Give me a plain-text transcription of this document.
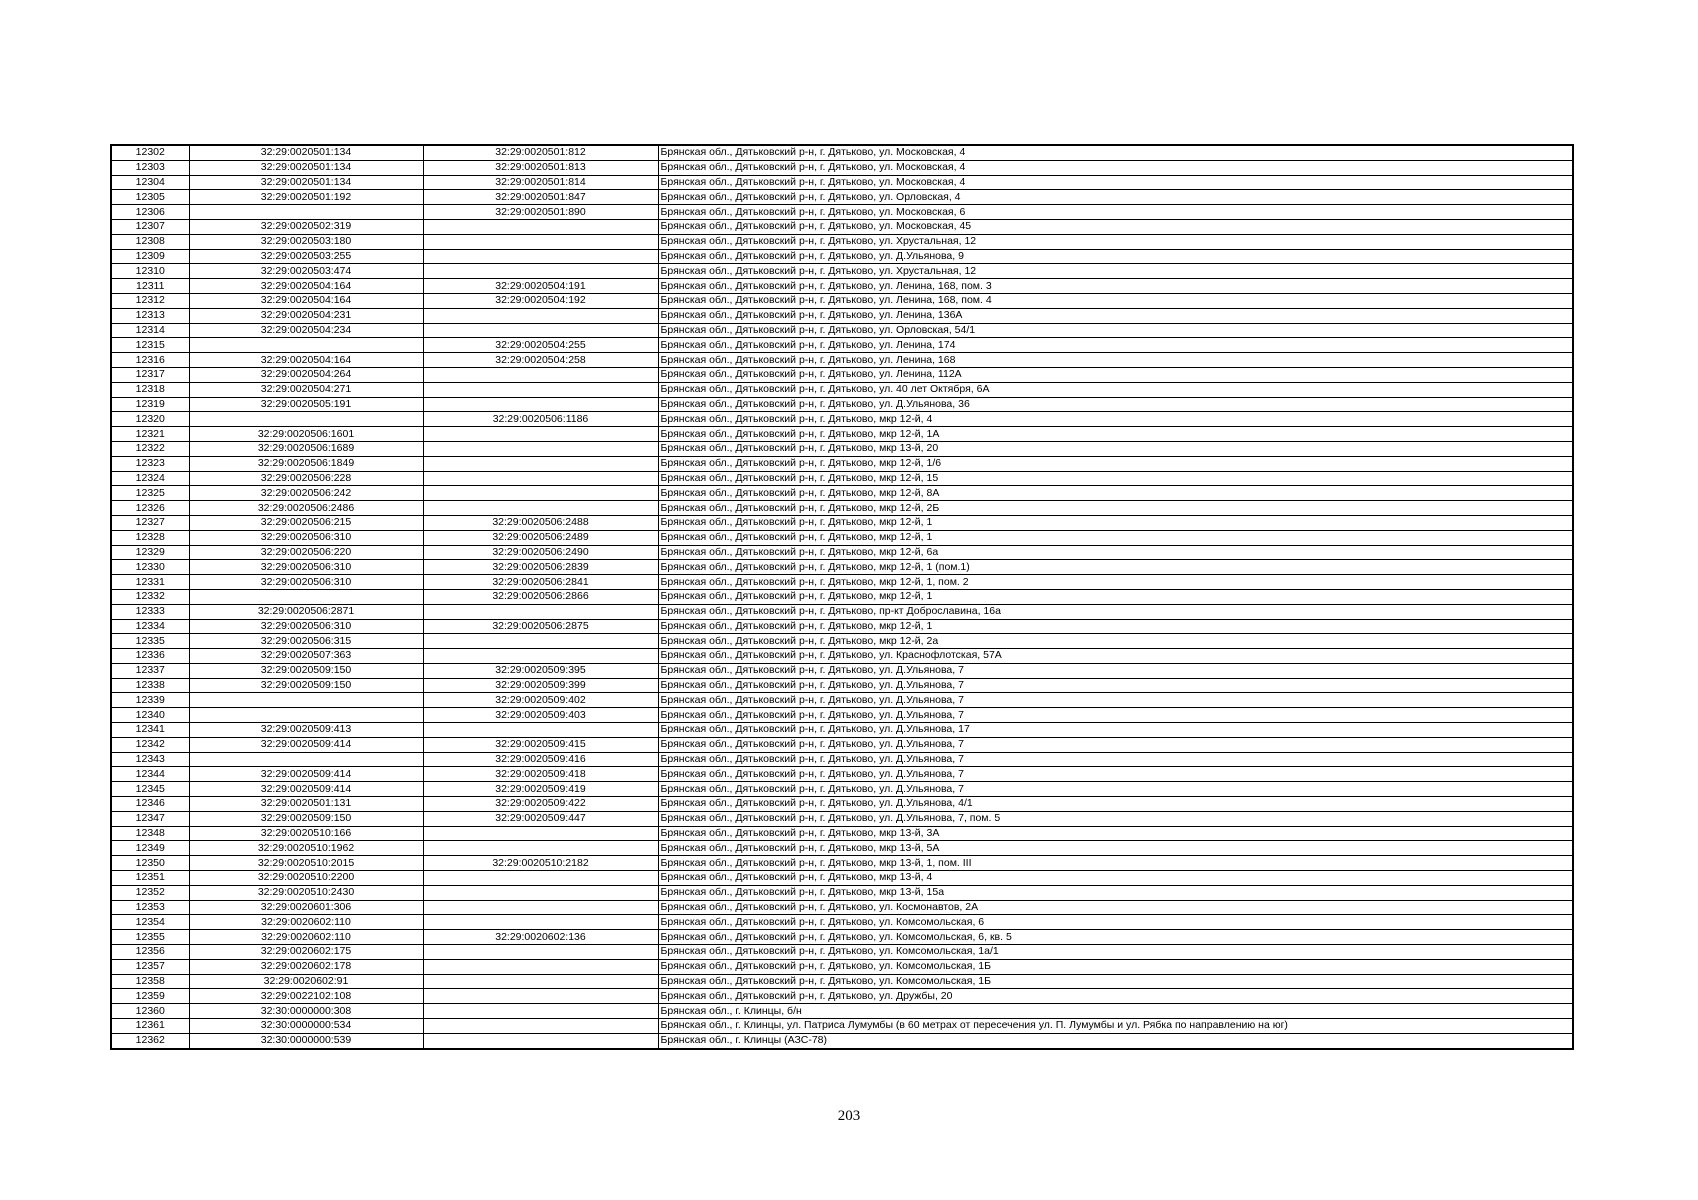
12302	32:29:0020501:134	32:29:0020501:812	Брянская обл., Дятьковский р-н, г. Дятьково, ул. Московская, 4
12303	32:29:0020501:134	32:29:0020501:813	Брянская обл., Дятьковский р-н, г. Дятьково, ул. Московская, 4
12304	32:29:0020501:134	32:29:0020501:814	Брянская обл., Дятьковский р-н, г. Дятьково, ул. Московская, 4
12305	32:29:0020501:192	32:29:0020501:847	Брянская обл., Дятьковский р-н, г. Дятьково, ул. Орловская, 4
12306		32:29:0020501:890	Брянская обл., Дятьковский р-н, г. Дятьково, ул. Московская, 6
12307	32:29:0020502:319		Брянская обл., Дятьковский р-н, г. Дятьково, ул. Московская, 45
12308	32:29:0020503:180		Брянская обл., Дятьковский р-н, г. Дятьково, ул. Хрустальная, 12
12309	32:29:0020503:255		Брянская обл., Дятьковский р-н, г. Дятьково, ул. Д.Ульянова, 9
12310	32:29:0020503:474		Брянская обл., Дятьковский р-н, г. Дятьково, ул. Хрустальная, 12
12311	32:29:0020504:164	32:29:0020504:191	Брянская обл., Дятьковский р-н, г. Дятьково, ул. Ленина, 168, пом. 3
12312	32:29:0020504:164	32:29:0020504:192	Брянская обл., Дятьковский р-н, г. Дятьково, ул. Ленина, 168, пом. 4
12313	32:29:0020504:231		Брянская обл., Дятьковский р-н, г. Дятьково, ул. Ленина, 136А
12314	32:29:0020504:234		Брянская обл., Дятьковский р-н, г. Дятьково, ул. Орловская, 54/1
12315		32:29:0020504:255	Брянская обл., Дятьковский р-н, г. Дятьково, ул. Ленина, 174
12316	32:29:0020504:164	32:29:0020504:258	Брянская обл., Дятьковский р-н, г. Дятьково, ул. Ленина, 168
12317	32:29:0020504:264		Брянская обл., Дятьковский р-н, г. Дятьково, ул. Ленина, 112А
12318	32:29:0020504:271		Брянская обл., Дятьковский р-н, г. Дятьково, ул. 40 лет Октября, 6А
12319	32:29:0020505:191		Брянская обл., Дятьковский р-н, г. Дятьково, ул. Д.Ульянова, 36
12320		32:29:0020506:1186	Брянская обл., Дятьковский р-н, г. Дятьково, мкр 12-й, 4
12321	32:29:0020506:1601		Брянская обл., Дятьковский р-н, г. Дятьково, мкр 12-й, 1А
12322	32:29:0020506:1689		Брянская обл., Дятьковский р-н, г. Дятьково, мкр 13-й, 20
12323	32:29:0020506:1849		Брянская обл., Дятьковский р-н, г. Дятьково, мкр 12-й, 1/6
12324	32:29:0020506:228		Брянская обл., Дятьковский р-н, г. Дятьково, мкр 12-й, 15
12325	32:29:0020506:242		Брянская обл., Дятьковский р-н, г. Дятьково, мкр 12-й, 8А
12326	32:29:0020506:2486		Брянская обл., Дятьковский р-н, г. Дятьково, мкр 12-й, 2Б
12327	32:29:0020506:215	32:29:0020506:2488	Брянская обл., Дятьковский р-н, г. Дятьково, мкр 12-й, 1
12328	32:29:0020506:310	32:29:0020506:2489	Брянская обл., Дятьковский р-н, г. Дятьково, мкр 12-й, 1
12329	32:29:0020506:220	32:29:0020506:2490	Брянская обл., Дятьковский р-н, г. Дятьково, мкр 12-й, 6а
12330	32:29:0020506:310	32:29:0020506:2839	Брянская обл., Дятьковский р-н, г. Дятьково, мкр 12-й, 1 (пом.1)
12331	32:29:0020506:310	32:29:0020506:2841	Брянская обл., Дятьковский р-н, г. Дятьково, мкр 12-й, 1, пом. 2
12332		32:29:0020506:2866	Брянская обл., Дятьковский р-н, г. Дятьково, мкр 12-й, 1
12333	32:29:0020506:2871		Брянская обл., Дятьковский р-н, г. Дятьково, пр-кт Доброславина, 16а
12334	32:29:0020506:310	32:29:0020506:2875	Брянская обл., Дятьковский р-н, г. Дятьково, мкр 12-й, 1
12335	32:29:0020506:315		Брянская обл., Дятьковский р-н, г. Дятьково, мкр 12-й, 2а
12336	32:29:0020507:363		Брянская обл., Дятьковский р-н, г. Дятьково, ул. Краснофлотская, 57А
12337	32:29:0020509:150	32:29:0020509:395	Брянская обл., Дятьковский р-н, г. Дятьково, ул. Д.Ульянова, 7
12338	32:29:0020509:150	32:29:0020509:399	Брянская обл., Дятьковский р-н, г. Дятьково, ул. Д.Ульянова, 7
12339		32:29:0020509:402	Брянская обл., Дятьковский р-н, г. Дятьково, ул. Д.Ульянова, 7
12340		32:29:0020509:403	Брянская обл., Дятьковский р-н, г. Дятьково, ул. Д.Ульянова, 7
12341	32:29:0020509:413		Брянская обл., Дятьковский р-н, г. Дятьково, ул. Д.Ульянова, 17
12342	32:29:0020509:414	32:29:0020509:415	Брянская обл., Дятьковский р-н, г. Дятьково, ул. Д.Ульянова, 7
12343		32:29:0020509:416	Брянская обл., Дятьковский р-н, г. Дятьково, ул. Д.Ульянова, 7
12344	32:29:0020509:414	32:29:0020509:418	Брянская обл., Дятьковский р-н, г. Дятьково, ул. Д.Ульянова, 7
12345	32:29:0020509:414	32:29:0020509:419	Брянская обл., Дятьковский р-н, г. Дятьково, ул. Д.Ульянова, 7
12346	32:29:0020501:131	32:29:0020509:422	Брянская обл., Дятьковский р-н, г. Дятьково, ул. Д.Ульянова, 4/1
12347	32:29:0020509:150	32:29:0020509:447	Брянская обл., Дятьковский р-н, г. Дятьково, ул. Д.Ульянова, 7, пом. 5
12348	32:29:0020510:166		Брянская обл., Дятьковский р-н, г. Дятьково, мкр 13-й, 3А
12349	32:29:0020510:1962		Брянская обл., Дятьковский р-н, г. Дятьково, мкр 13-й, 5А
12350	32:29:0020510:2015	32:29:0020510:2182	Брянская обл., Дятьковский р-н, г. Дятьково, мкр 13-й, 1, пом. III
12351	32:29:0020510:2200		Брянская обл., Дятьковский р-н, г. Дятьково, мкр 13-й, 4
12352	32:29:0020510:2430		Брянская обл., Дятьковский р-н, г. Дятьково, мкр 13-й, 15а
12353	32:29:0020601:306		Брянская обл., Дятьковский р-н, г. Дятьково, ул. Космонавтов, 2А
12354	32:29:0020602:110		Брянская обл., Дятьковский р-н, г. Дятьково, ул. Комсомольская, 6
12355	32:29:0020602:110	32:29:0020602:136	Брянская обл., Дятьковский р-н, г. Дятьково, ул. Комсомольская, 6, кв. 5
12356	32:29:0020602:175		Брянская обл., Дятьковский р-н, г. Дятьково, ул. Комсомольская, 1а/1
12357	32:29:0020602:178		Брянская обл., Дятьковский р-н, г. Дятьково, ул. Комсомольская, 1Б
12358	32:29:0020602:91		Брянская обл., Дятьковский р-н, г. Дятьково, ул. Комсомольская, 1Б
12359	32:29:0022102:108		Брянская обл., Дятьковский р-н, г. Дятьково, ул. Дружбы, 20
12360	32:30:0000000:308		Брянская обл., г. Клинцы, б/н
12361	32:30:0000000:534		Брянская обл., г. Клинцы, ул. Патриса Лумумбы (в 60 метрах от пересечения ул. П. Лумумбы и ул. Рябка по направлению на юг)
12362	32:30:0000000:539		Брянская обл., г. Клинцы (АЗС-78)
203
